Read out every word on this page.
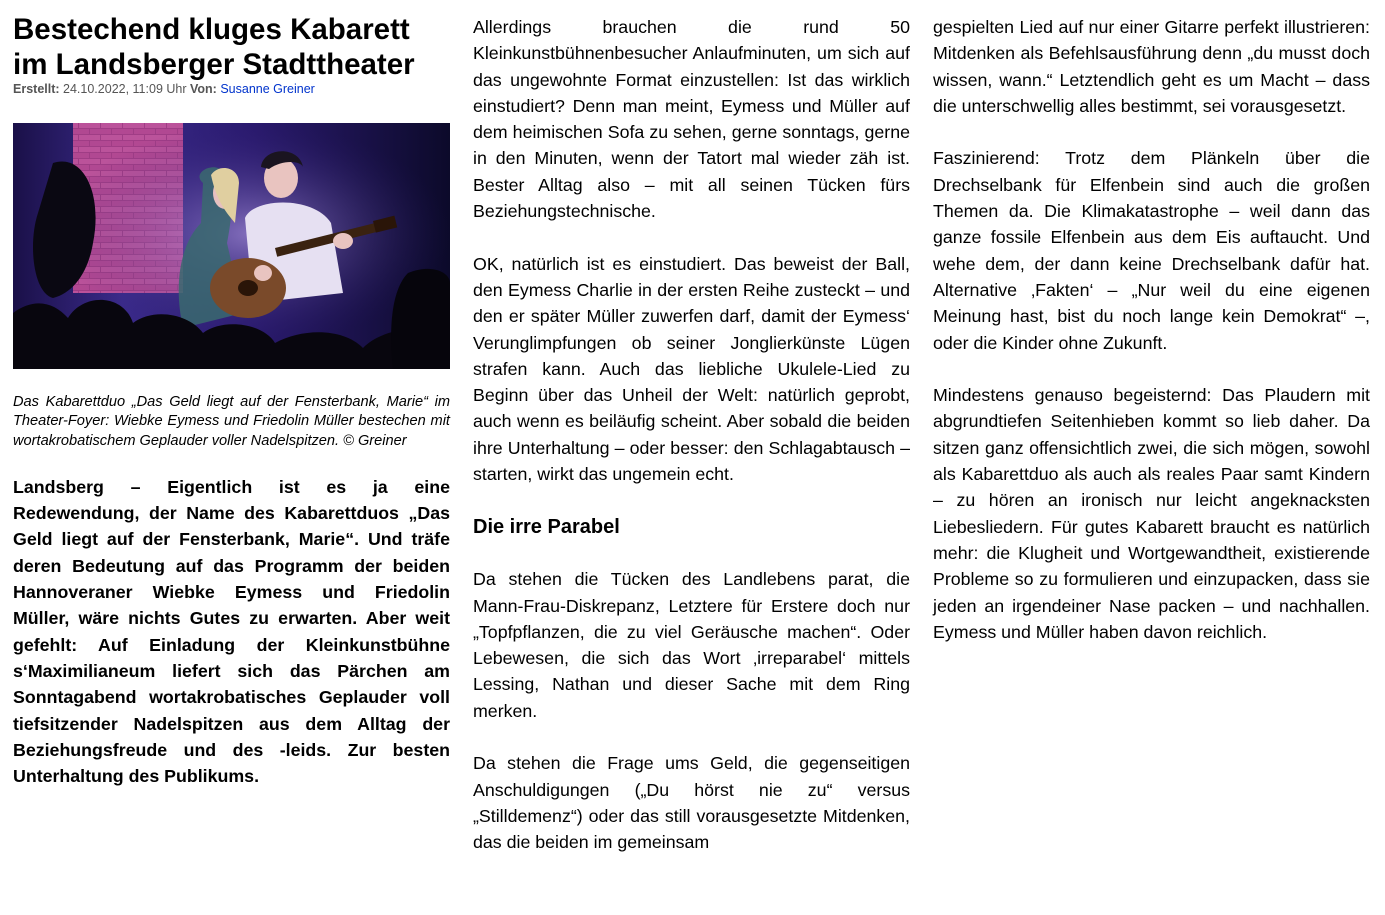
Bestechend kluges Kabarett im Landsberger Stadttheater
Erstellt: 24.10.2022, 11:09 Uhr Von: Susanne Greiner
Das Kabarettduo „Das Geld liegt auf der Fensterbank, Marie“ im Theater-Foyer: Wiebke Eymess und Friedolin Müller bestechen mit wortakrobatischem Geplauder voller Nadelspitzen. © Greiner
Landsberg – Eigentlich ist es ja eine Redewendung, der Name des Kabarettduos „Das Geld liegt auf der Fensterbank, Marie“. Und träfe deren Bedeutung auf das Programm der beiden Hannoveraner Wiebke Eymess und Friedolin Müller, wäre nichts Gutes zu erwarten. Aber weit gefehlt: Auf Einladung der Kleinkunstbühne s‘Maximilianeum liefert sich das Pärchen am Sonntagabend wortakrobatisches Geplauder voll tiefsitzender Nadelspitzen aus dem Alltag der Beziehungsfreude und des -leids. Zur besten Unterhaltung des Publikums.

Allerdings brauchen die rund 50 Kleinkunstbühnenbesucher Anlaufminuten, um sich auf das ungewohnte Format einzustellen: Ist das wirklich einstudiert? Denn man meint, Eymess und Müller auf dem heimischen Sofa zu sehen, gerne sonntags, gerne in den Minuten, wenn der Tatort mal wieder zäh ist. Bester Alltag also – mit all seinen Tücken fürs Beziehungstechnische.

OK, natürlich ist es einstudiert. Das beweist der Ball, den Eymess Charlie in der ersten Reihe zusteckt – und den er später Müller zuwerfen darf, damit der Eymess‘ Verunglimpfungen ob seiner Jonglierkünste Lügen strafen kann. Auch das liebliche Ukulele-Lied zu Beginn über das Unheil der Welt: natürlich geprobt, auch wenn es beiläufig scheint. Aber sobald die beiden ihre Unterhaltung – oder besser: den Schlagabtausch – starten, wirkt das ungemein echt.

Die irre Parabel

Da stehen die Tücken des Landlebens parat, die Mann-Frau-Diskrepanz, Letztere für Erstere doch nur „Topfpflanzen, die zu viel Geräusche machen“. Oder Lebewesen, die sich das Wort ‚irreparabel‘ mittels Lessing, Nathan und dieser Sache mit dem Ring merken.

Da stehen die Frage ums Geld, die gegenseitigen Anschuldigungen („Du hörst nie zu“ versus „Stilldemenz“) oder das still vorausgesetzte Mitdenken, das die beiden im gemeinsam

gespielten Lied auf nur einer Gitarre perfekt illustrieren: Mitdenken als Befehlsausführung denn „du musst doch wissen, wann.“ Letztendlich geht es um Macht – dass die unterschwellig alles bestimmt, sei vorausgesetzt.

Faszinierend: Trotz dem Plänkeln über die Drechselbank für Elfenbein sind auch die großen Themen da. Die Klimakatastrophe – weil dann das ganze fossile Elfenbein aus dem Eis auftaucht. Und wehe dem, der dann keine Drechselbank dafür hat. Alternative ‚Fakten‘ – „Nur weil du eine eigenen Meinung hast, bist du noch lange kein Demokrat“ –, oder die Kinder ohne Zukunft.

Mindestens genauso begeisternd: Das Plaudern mit abgrundtiefen Seitenhieben kommt so lieb daher. Da sitzen ganz offensichtlich zwei, die sich mögen, sowohl als Kabarettduo als auch als reales Paar samt Kindern – zu hören an ironisch nur leicht angeknacksten Liebesliedern. Für gutes Kabarett braucht es natürlich mehr: die Klugheit und Wortgewandtheit, existierende Probleme so zu formulieren und einzupacken, dass sie jeden an irgendeiner Nase packen – und nachhallen. Eymess und Müller haben davon reichlich.
